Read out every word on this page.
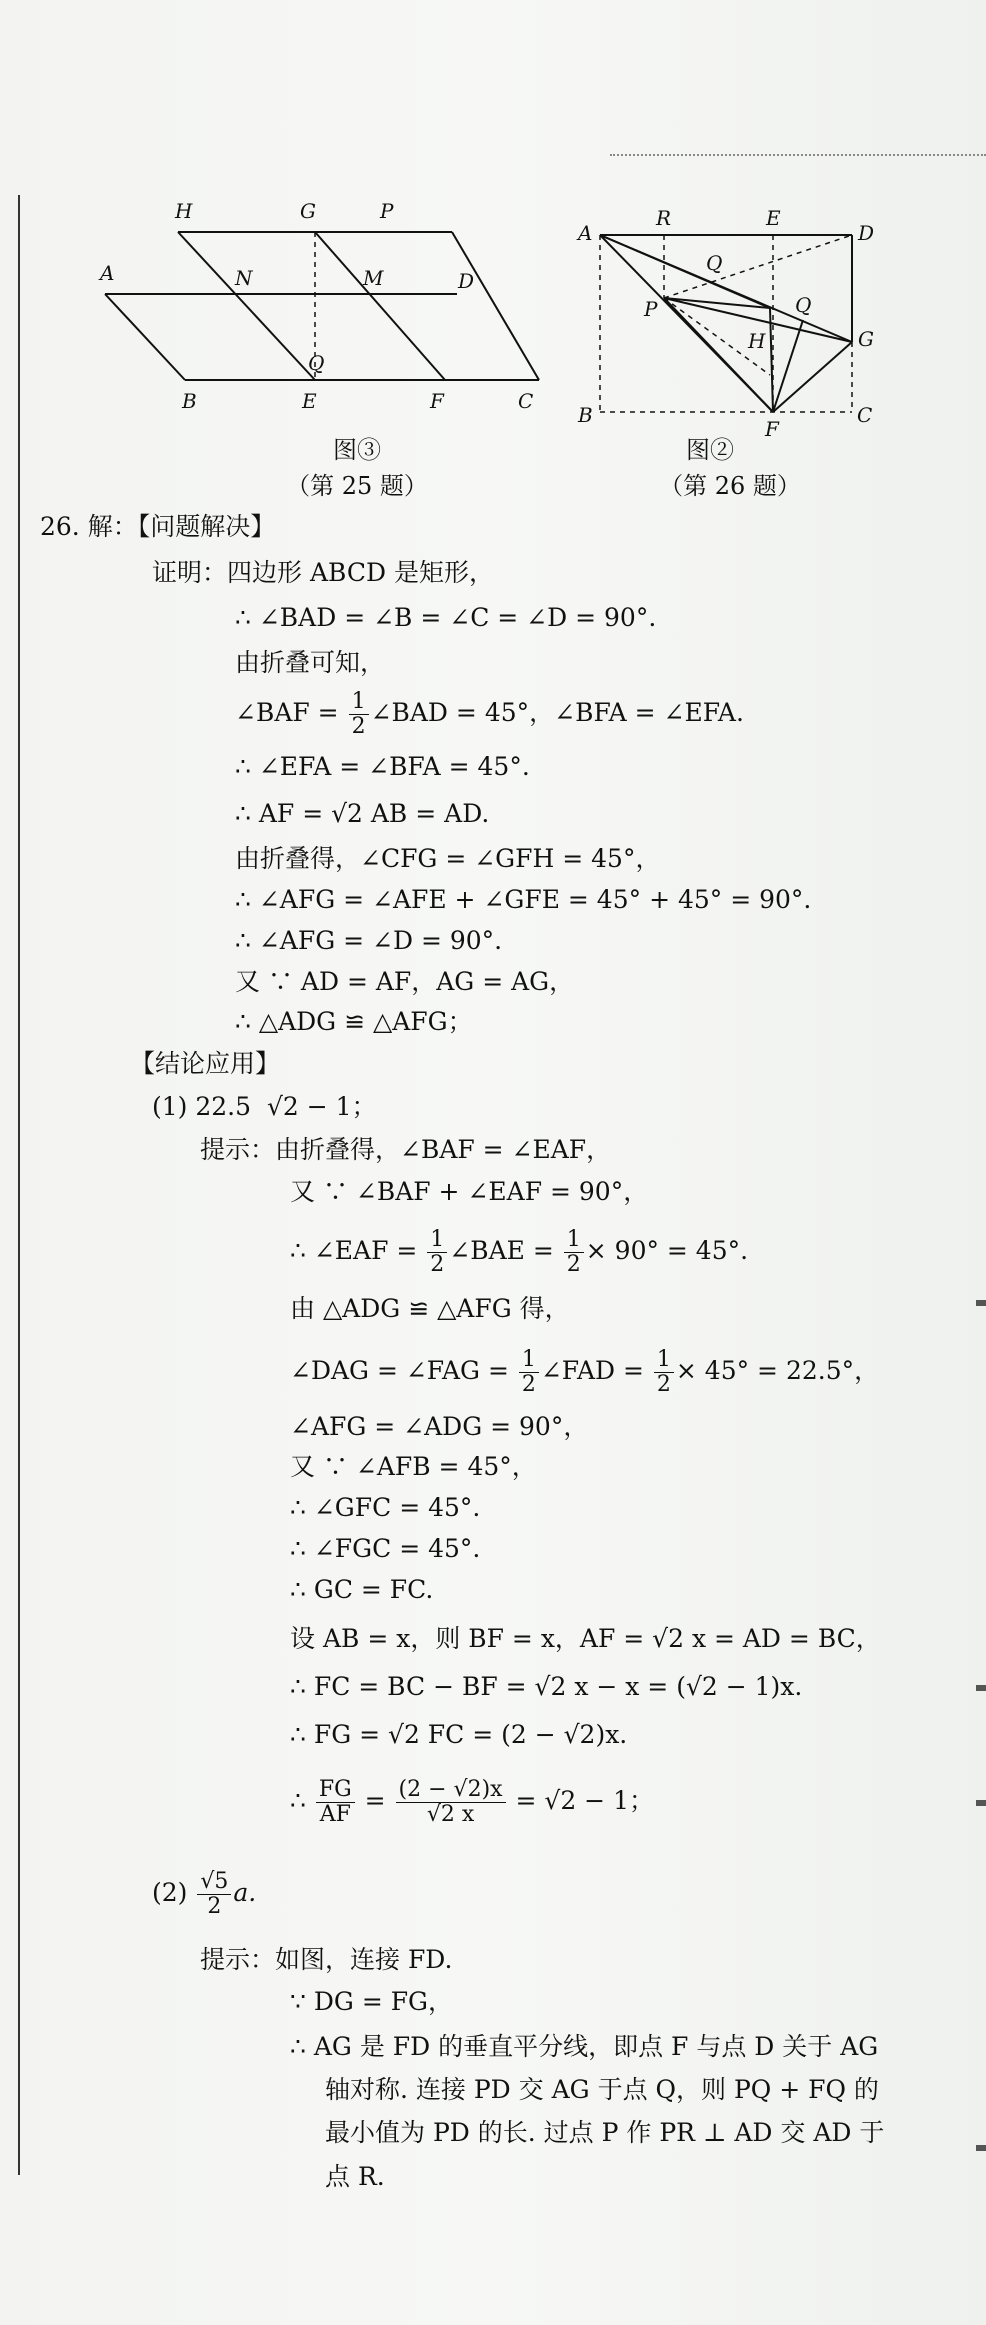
H	G	P
A	N	M	D
Q
B	E	F	C
图③
（第 25 题）
A
R	E
D
Q
P	Q
H	G
B
F
C
图②
（第 26 题）
26. 解：【问题解决】
证明：四边形 ABCD 是矩形，
∴ ∠BAD = ∠B = ∠C = ∠D = 90°.
由折叠可知，
∠BAF = $\frac{1}{2}$ ∠BAD = 45°，∠BFA = ∠EFA.
∴ ∠EFA = ∠BFA = 45°.
∴ AF = √2 AB = AD.
由折叠得，∠CFG = ∠GFH = 45°，
∴ ∠AFG = ∠AFE + ∠GFE = 45° + 45° = 90°.
∴ ∠AFG = ∠D = 90°.
又 ∵ AD = AF，AG = AG，
∴ △ADG ≌ △AFG；
【结论应用】
(1) 22.5 √2 − 1；
提示：由折叠得，∠BAF = ∠EAF，
又 ∵ ∠BAF + ∠EAF = 90°，
∴ ∠EAF = $\frac{1}{2}$ ∠BAE = $\frac{1}{2} \times 90^\circ = 45^\circ$.
由 △ADG ≌ △AFG 得，
∠DAG = ∠FAG = $\frac{1}{2}$ ∠FAD = $\frac{1}{2} \times 45^\circ = 22.5^\circ$，
∠AFG = ∠ADG = 90°，
又 ∵ ∠AFB = 45°，
∴ ∠GFC = 45°.
∴ ∠FGC = 45°.
∴ GC = FC.
设 AB = x，则 BF = x，AF = √2 x = AD = BC，
∴ FC = BC − BF = √2 x − x = (√2 − 1)x.
∴ FG = √2 FC = (2 − √2)x.
∴ $\frac{FG}{AF} = \frac{(2 - √2)x}{√2 x} = √2 - 1$；
$(2) \frac{√5}{2} a$.
提示：如图，连接 FD.
∵ DG = FG，
∴ AG 是 FD 的垂直平分线，即点 F 与点 D 关于 AG
轴对称. 连接 PD 交 AG 于点 Q，则 PQ + FQ 的
最小值为 PD 的长. 过点 P 作 PR ⊥ AD 交 AD 于
点 R.
